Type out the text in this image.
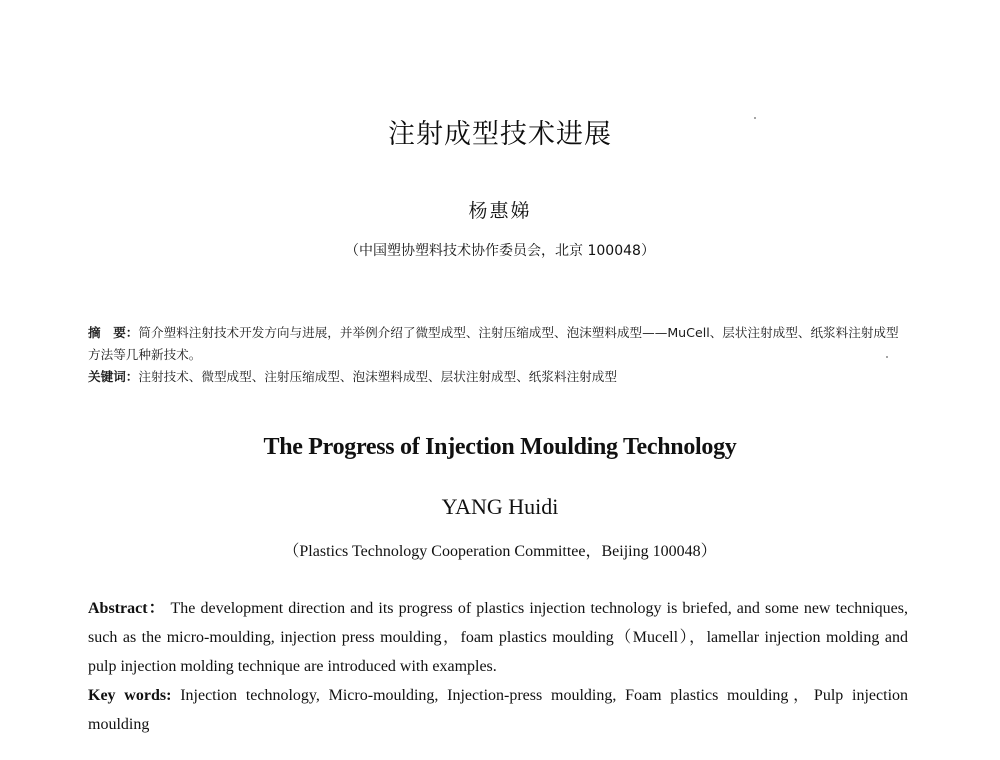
注射成型技术进展
杨惠娣
（中国塑协塑料技术协作委员会，北京 100048）
摘　要：简介塑料注射技术开发方向与进展，并举例介绍了微型成型、注射压缩成型、泡沫塑料成型——MuCell、层状注射成型、纸浆料注射成型方法等几种新技术。
关键词：注射技术、微型成型、注射压缩成型、泡沫塑料成型、层状注射成型、纸浆料注射成型
The Progress of Injection Moulding Technology
YANG Huidi
（Plastics Technology Cooperation Committee，Beijing 100048）
Abstract： The development direction and its progress of plastics injection technology is briefed, and some new techniques, such as the micro-moulding, injection press moulding，foam plastics moulding（Mucell），lamellar injection molding and pulp injection molding technique are introduced with examples.
Key words: Injection technology, Micro-moulding, Injection-press moulding, Foam plastics moulding，Pulp injection moulding
